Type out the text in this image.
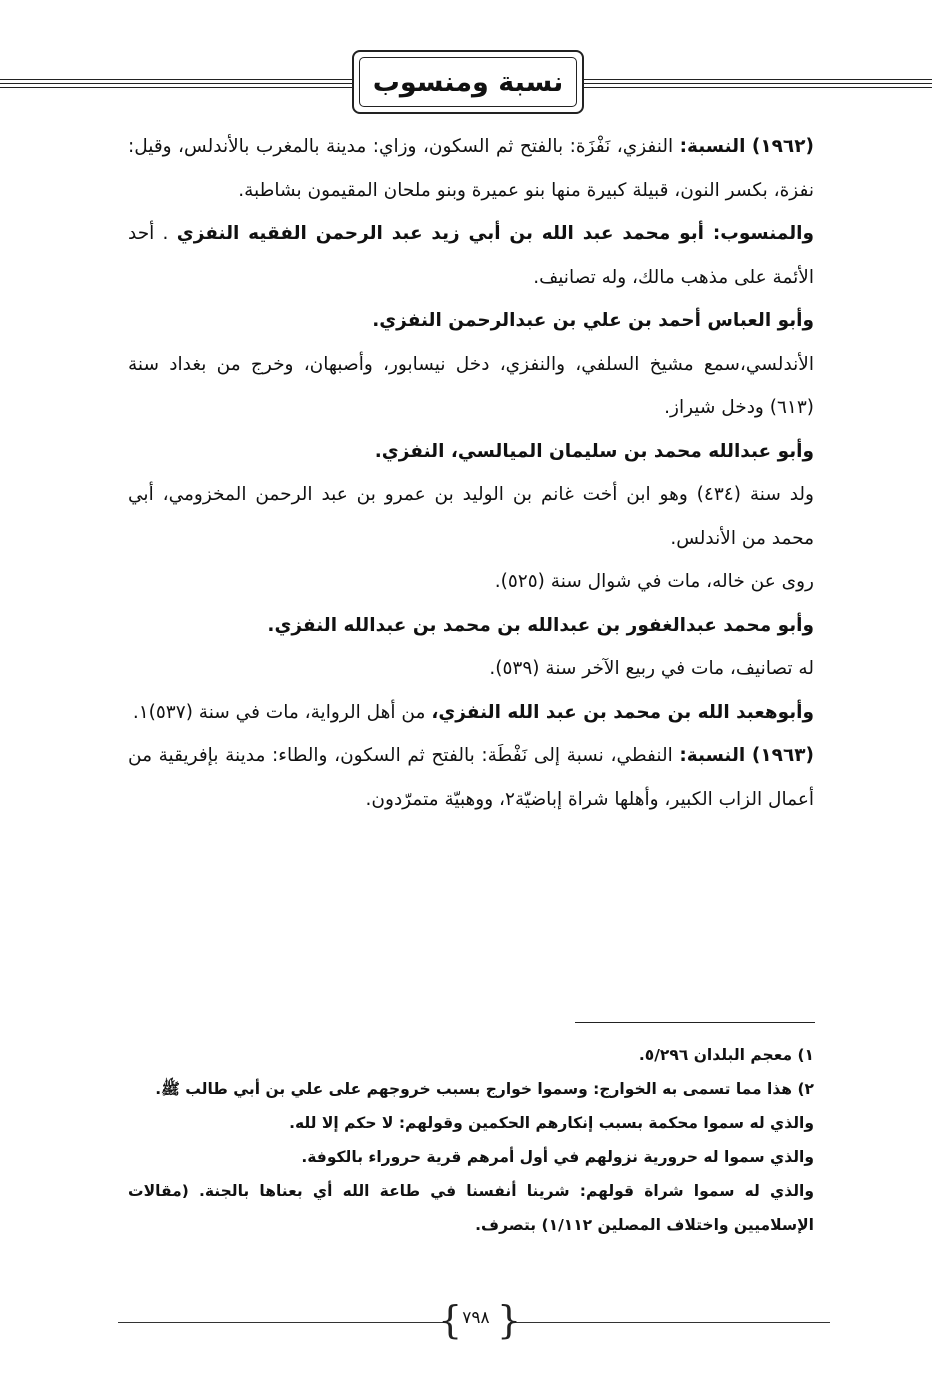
نسبة ومنسوب

(١٩٦٢) النسبة: النفزي، نَفْزَة: بالفتح ثم السكون، وزاي: مدينة بالمغرب بالأندلس، وقيل: نفزة، بكسر النون، قبيلة كبيرة منها بنو عميرة وبنو ملحان المقيمون بشاطبة.

والمنسوب: أبو محمد عبد الله بن أبي زيد عبد الرحمن الفقيه النفزي . أحد الأئمة على مذهب مالك، وله تصانيف.

وأبو العباس أحمد بن علي بن عبدالرحمن النفزي.

الأندلسي،سمع مشيخ السلفي، والنفزي، دخل نيسابور، وأصبهان، وخرج من بغداد سنة (٦١٣) ودخل شيراز.

وأبو عبدالله محمد بن سليمان الميالسي، النفزي.

ولد سنة (٤٣٤) وهو ابن أخت غانم بن الوليد بن عمرو بن عبد الرحمن المخزومي، أبي محمد من الأندلس.

روى عن خاله، مات في شوال سنة (٥٢٥).

وأبو محمد عبدالغفور بن عبدالله بن محمد بن عبدالله النفزي.

له تصانيف، مات في ربيع الآخر سنة (٥٣٩).

وأبوهعبد الله بن محمد بن عبد الله النفزي، من أهل الرواية، مات في سنة (٥٣٧)١.

(١٩٦٣) النسبة: النفطي، نسبة إلى نَفْطَة: بالفتح ثم السكون، والطاء: مدينة بإفريقية من أعمال الزاب الكبير، وأهلها شراة إباضيّة٢، ووهبيّة متمرّدون.

١) معجم البلدان ٥/٢٩٦.

٢) هذا مما تسمى به الخوارج: وسموا خوارج بسبب خروجهم على علي بن أبي طالب ﷺ.

والذي له سموا محكمة بسبب إنكارهم الحكمين وقولهم: لا حكم إلا لله.

والذي سموا له حرورية نزولهم في أول أمرهم قرية حروراء بالكوفة.

والذي له سموا شراة قولهم: شرينا أنفسنا في طاعة الله أي بعناها بالجنة. (مقالات الإسلاميين واختلاف المصلين ١/١١٢) بتصرف.

{ }
٧٩٨
